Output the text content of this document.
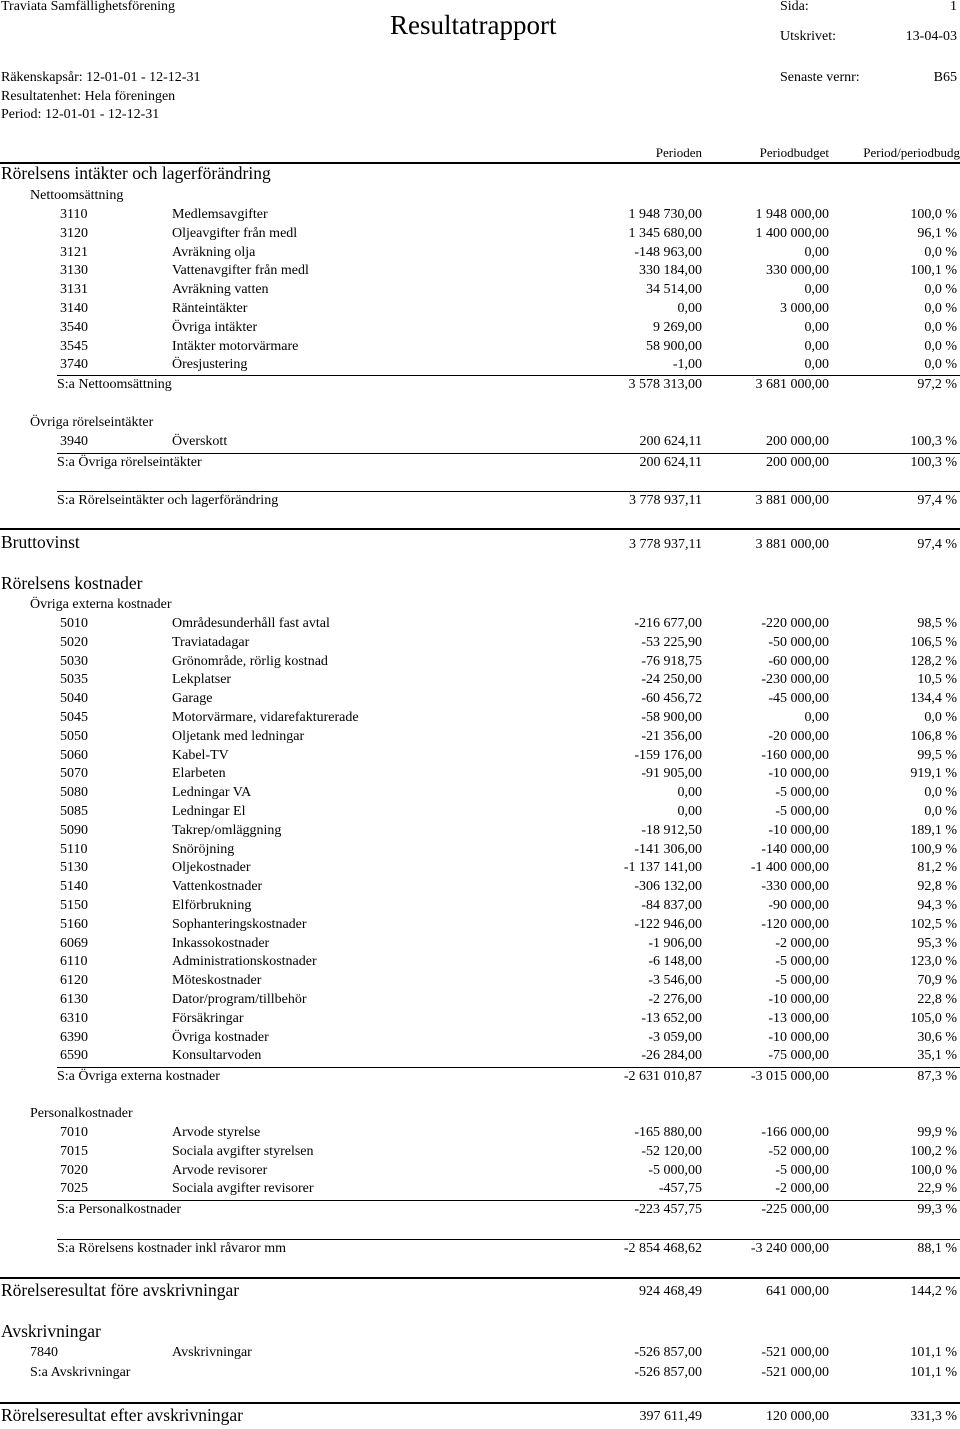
Traviata Samfällighetsförening
Resultatrapport
Sida:	1
Utskrivet:	13-04-03
Räkenskapsår: 12-01-01 - 12-12-31	Senaste vernr:	B65
Resultatenhet: Hela föreningen
Period: 12-01-01 - 12-12-31
Perioden	Periodbudget	Period/periodbudg
Rörelsens intäkter och lagerförändring
Nettoomsättning
3110	Medlemsavgifter	1 948 730,00	1 948 000,00	100,0 %
3120	Oljeavgifter från medl	1 345 680,00	1 400 000,00	96,1 %
3121	Avräkning olja	-148 963,00	0,00	0,0 %
3130	Vattenavgifter från medl	330 184,00	330 000,00	100,1 %
3131	Avräkning vatten	34 514,00	0,00	0,0 %
3140	Ränteintäkter	0,00	3 000,00	0,0 %
3540	Övriga intäkter	9 269,00	0,00	0,0 %
3545	Intäkter motorvärmare	58 900,00	0,00	0,0 %
3740	Öresjustering	-1,00	0,00	0,0 %
S:a Nettoomsättning	3 578 313,00	3 681 000,00	97,2 %
Övriga rörelseintäkter
3940	Överskott	200 624,11	200 000,00	100,3 %
S:a Övriga rörelseintäkter	200 624,11	200 000,00	100,3 %
S:a Rörelseintäkter och lagerförändring	3 778 937,11	3 881 000,00	97,4 %
Bruttovinst	3 778 937,11	3 881 000,00	97,4 %
Rörelsens kostnader
Övriga externa kostnader
5010	Områdesunderhåll fast avtal	-216 677,00	-220 000,00	98,5 %
5020	Traviatadagar	-53 225,90	-50 000,00	106,5 %
5030	Grönområde, rörlig kostnad	-76 918,75	-60 000,00	128,2 %
5035	Lekplatser	-24 250,00	-230 000,00	10,5 %
5040	Garage	-60 456,72	-45 000,00	134,4 %
5045	Motorvärmare, vidarefakturerade	-58 900,00	0,00	0,0 %
5050	Oljetank med ledningar	-21 356,00	-20 000,00	106,8 %
5060	Kabel-TV	-159 176,00	-160 000,00	99,5 %
5070	Elarbeten	-91 905,00	-10 000,00	919,1 %
5080	Ledningar VA	0,00	-5 000,00	0,0 %
5085	Ledningar El	0,00	-5 000,00	0,0 %
5090	Takrep/omläggning	-18 912,50	-10 000,00	189,1 %
5110	Snöröjning	-141 306,00	-140 000,00	100,9 %
5130	Oljekostnader	-1 137 141,00	-1 400 000,00	81,2 %
5140	Vattenkostnader	-306 132,00	-330 000,00	92,8 %
5150	Elförbrukning	-84 837,00	-90 000,00	94,3 %
5160	Sophanteringskostnader	-122 946,00	-120 000,00	102,5 %
6069	Inkassokostnader	-1 906,00	-2 000,00	95,3 %
6110	Administrationskostnader	-6 148,00	-5 000,00	123,0 %
6120	Möteskostnader	-3 546,00	-5 000,00	70,9 %
6130	Dator/program/tillbehör	-2 276,00	-10 000,00	22,8 %
6310	Försäkringar	-13 652,00	-13 000,00	105,0 %
6390	Övriga kostnader	-3 059,00	-10 000,00	30,6 %
6590	Konsultarvoden	-26 284,00	-75 000,00	35,1 %
S:a Övriga externa kostnader	-2 631 010,87	-3 015 000,00	87,3 %
Personalkostnader
7010	Arvode styrelse	-165 880,00	-166 000,00	99,9 %
7015	Sociala avgifter styrelsen	-52 120,00	-52 000,00	100,2 %
7020	Arvode revisorer	-5 000,00	-5 000,00	100,0 %
7025	Sociala avgifter revisorer	-457,75	-2 000,00	22,9 %
S:a Personalkostnader	-223 457,75	-225 000,00	99,3 %
S:a Rörelsens kostnader inkl råvaror mm	-2 854 468,62	-3 240 000,00	88,1 %
Rörelseresultat före avskrivningar	924 468,49	641 000,00	144,2 %
Avskrivningar
7840	Avskrivningar	-526 857,00	-521 000,00	101,1 %
S:a Avskrivningar	-526 857,00	-521 000,00	101,1 %
Rörelseresultat efter avskrivningar	397 611,49	120 000,00	331,3 %
